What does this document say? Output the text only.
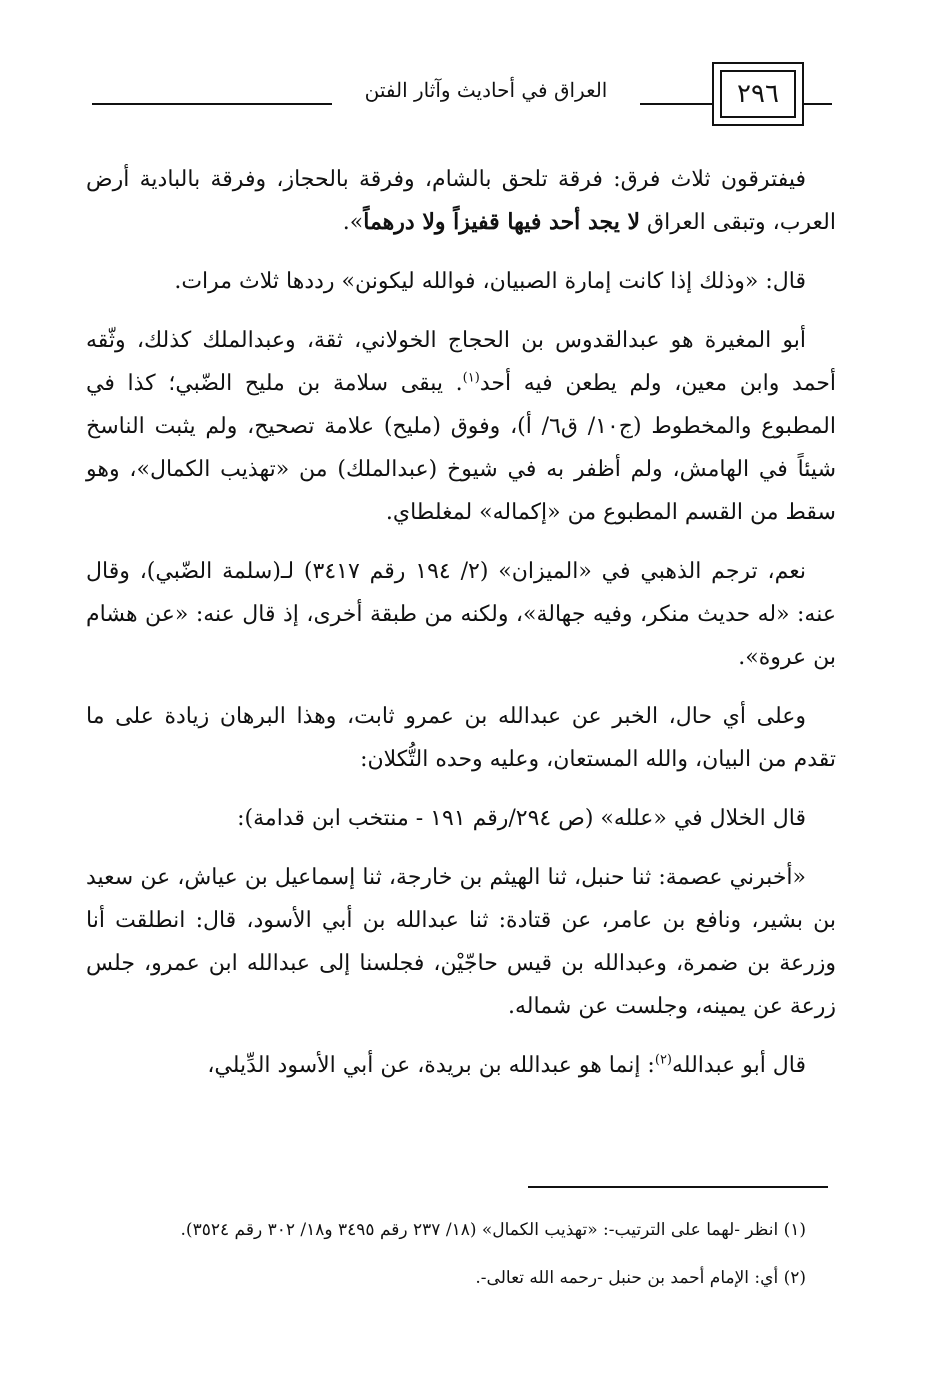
العراق في أحاديث وآثار الفتن	٢٩٦

فيفترقون ثلاث فرق: فرقة تلحق بالشام، وفرقة بالحجاز، وفرقة بالبادية أرض العرب، وتبقى العراق لا يجد أحد فيها قفيزاً ولا درهماً».

قال: «وذلك إذا كانت إمارة الصبيان، فوالله ليكونن» رددها ثلاث مرات.

أبو المغيرة هو عبدالقدوس بن الحجاج الخولاني، ثقة، وعبدالملك كذلك، وثّقه أحمد وابن معين، ولم يطعن فيه أحد$^{(١)}$. يبقى سلامة بن مليح الضّبي؛ كذا في المطبوع والمخطوط (ج١٠/ ق٦/ أ)، وفوق (مليح) علامة تصحيح، ولم يثبت الناسخ شيئاً في الهامش، ولم أظفر به في شيوخ (عبدالملك) من «تهذيب الكمال»، وهو سقط من القسم المطبوع من «إكماله» لمغلطاي.

نعم، ترجم الذهبي في «الميزان» (٢/ ١٩٤ رقم ٣٤١٧) لـ(سلمة الضّبي)، وقال عنه: «له حديث منكر، وفيه جهالة»، ولكنه من طبقة أخرى، إذ قال عنه: «عن هشام بن عروة».

وعلى أي حال، الخبر عن عبدالله بن عمرو ثابت، وهذا البرهان زيادة على ما تقدم من البيان، والله المستعان، وعليه وحده التُّكلان:

قال الخلال في «علله» (ص ٢٩٤/رقم ١٩١ - منتخب ابن قدامة):

«أخبرني عصمة: ثنا حنبل، ثنا الهيثم بن خارجة، ثنا إسماعيل بن عياش، عن سعيد بن بشير، ونافع بن عامر، عن قتادة: ثنا عبدالله بن أبي الأسود، قال: انطلقت أنا وزرعة بن ضمرة، وعبدالله بن قيس حاجّيْن، فجلسنا إلى عبدالله ابن عمرو، جلس زرعة عن يمينه، وجلست عن شماله.

قال أبو عبدالله$^{(٢)}$: إنما هو عبدالله بن بريدة، عن أبي الأسود الدِّيلي،

(١) انظر -لهما على الترتيب-: «تهذيب الكمال» (١٨/ ٢٣٧ رقم ٣٤٩٥ و١٨/ ٣٠٢ رقم ٣٥٢٤).

(٢) أي: الإمام أحمد بن حنبل -رحمه الله تعالى-.
